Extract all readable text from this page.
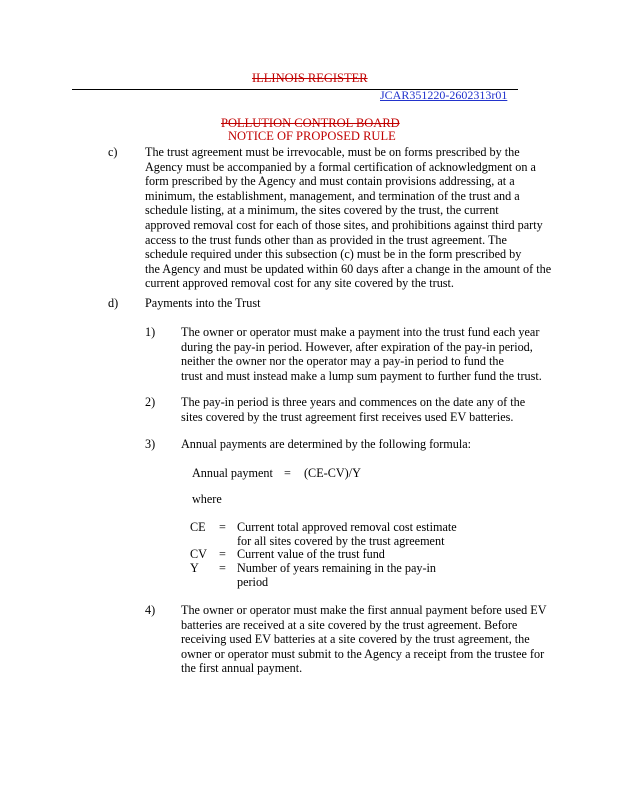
ILLINOIS REGISTER
JCAR351220-2602313r01
POLLUTION CONTROL BOARD
NOTICE OF PROPOSED RULE
c) The trust agreement must be irrevocable, must be on forms prescribed by the
Agency must be accompanied by a formal certification of acknowledgment on a
form prescribed by the Agency and must contain provisions addressing, at a
minimum, the establishment, management, and termination of the trust and a
schedule listing, at a minimum, the sites covered by the trust, the current
approved removal cost for each of those sites, and prohibitions against third party
access to the trust funds other than as provided in the trust agreement. The
schedule required under this subsection (c) must be in the form prescribed by
the Agency and must be updated within 60 days after a change in the amount of the
current approved removal cost for any site covered by the trust.
d) Payments into the Trust
1) The owner or operator must make a payment into the trust fund each year
during the pay-in period. However, after expiration of the pay-in period,
neither the owner nor the operator may a pay-in period to fund the
trust and must instead make a lump sum payment to further fund the trust.
2) The pay-in period is three years and commences on the date any of the
sites covered by the trust agreement first receives used EV batteries.
3) Annual payments are determined by the following formula:
Annual payment = (CE-CV)/Y
where
CE = Current total approved removal cost estimate
for all sites covered by the trust agreement
CV = Current value of the trust fund
Y = Number of years remaining in the pay-in
period
4) The owner or operator must make the first annual payment before used EV
batteries are received at a site covered by the trust agreement. Before
receiving used EV batteries at a site covered by the trust agreement, the
owner or operator must submit to the Agency a receipt from the trustee for
the first annual payment.
